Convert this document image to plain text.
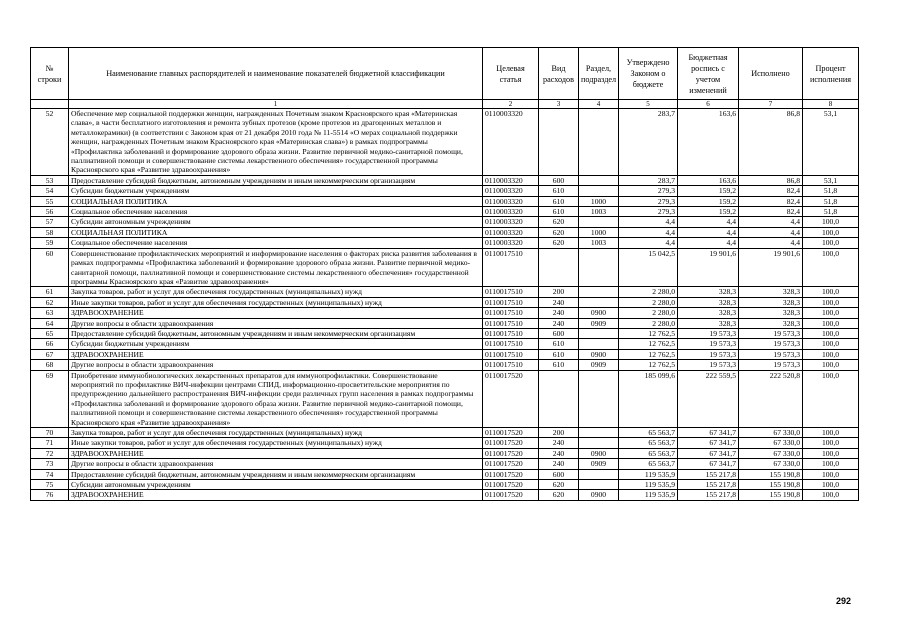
№ строки	Наименование главных распорядителей и наименование показателей бюджетной классификации	Целевая статья	Вид расходов	Раздел, подраздел	Утверждено Законом о бюджете	Бюджетная роспись с учетом изменений	Исполнено	Процент исполнения
	1	2	3	4	5	6	7	8
52	Обеспечение мер социальной поддержки женщин, награжденных Почетным знаком Красноярского края «Материнская слава», в части бесплатного изготовления и ремонта зубных протезов (кроме протезов из драгоценных металлов и металлокерамики) (в соответствии с Законом края от 21 декабря 2010 года № 11-5514 «О мерах социальной поддержки женщин, награжденных Почетным знаком Красноярского края «Материнская слава») в рамках подпрограммы «Профилактика заболеваний и формирование здорового образа жизни. Развитие первичной медико-санитарной помощи, паллиативной помощи и совершенствование системы лекарственного обеспечения» государственной программы Красноярского края «Развитие здравоохранения»	0110003320			283,7	163,6	86,8	53,1
53	Предоставление субсидий бюджетным, автономным учреждениям и иным некоммерческим организациям	0110003320	600		283,7	163,6	86,8	53,1
54	Субсидии бюджетным учреждениям	0110003320	610		279,3	159,2	82,4	51,8
55	СОЦИАЛЬНАЯ ПОЛИТИКА	0110003320	610	1000	279,3	159,2	82,4	51,8
56	Социальное обеспечение населения	0110003320	610	1003	279,3	159,2	82,4	51,8
57	Субсидии автономным учреждениям	0110003320	620		4,4	4,4	4,4	100,0
58	СОЦИАЛЬНАЯ ПОЛИТИКА	0110003320	620	1000	4,4	4,4	4,4	100,0
59	Социальное обеспечение населения	0110003320	620	1003	4,4	4,4	4,4	100,0
60	Совершенствование профилактических мероприятий и информирование населения о факторах риска развития заболевания в рамках подпрограммы «Профилактика заболеваний и формирование здорового образа жизни. Развитие первичной медико-санитарной помощи, паллиативной помощи и совершенствование системы лекарственного обеспечения» государственной программы Красноярского края «Развитие здравоохранения»	0110017510			15 042,5	19 901,6	19 901,6	100,0
61	Закупка товаров, работ и услуг для обеспечения государственных (муниципальных) нужд	0110017510	200		2 280,0	328,3	328,3	100,0
62	Иные закупки товаров, работ и услуг для обеспечения государственных (муниципальных) нужд	0110017510	240		2 280,0	328,3	328,3	100,0
63	ЗДРАВООХРАНЕНИЕ	0110017510	240	0900	2 280,0	328,3	328,3	100,0
64	Другие вопросы в области здравоохранения	0110017510	240	0909	2 280,0	328,3	328,3	100,0
65	Предоставление субсидий бюджетным, автономным учреждениям и иным некоммерческим организациям	0110017510	600		12 762,5	19 573,3	19 573,3	100,0
66	Субсидии бюджетным учреждениям	0110017510	610		12 762,5	19 573,3	19 573,3	100,0
67	ЗДРАВООХРАНЕНИЕ	0110017510	610	0900	12 762,5	19 573,3	19 573,3	100,0
68	Другие вопросы в области здравоохранения	0110017510	610	0909	12 762,5	19 573,3	19 573,3	100,0
69	Приобретение иммунобиологических лекарственных препаратов для иммунопрофилактики. Совершенствование мероприятий по профилактике ВИЧ-инфекции центрами СПИД, информационно-просветительские мероприятия по предупреждению дальнейшего распространения ВИЧ-инфекции среди различных групп населения в рамках подпрограммы «Профилактика заболеваний и формирование здорового образа жизни. Развитие первичной медико-санитарной помощи, паллиативной помощи и совершенствование системы лекарственного обеспечения» государственной программы Красноярского края «Развитие здравоохранения»	0110017520			185 099,6	222 559,5	222 520,8	100,0
70	Закупка товаров, работ и услуг для обеспечения государственных (муниципальных) нужд	0110017520	200		65 563,7	67 341,7	67 330,0	100,0
71	Иные закупки товаров, работ и услуг для обеспечения государственных (муниципальных) нужд	0110017520	240		65 563,7	67 341,7	67 330,0	100,0
72	ЗДРАВООХРАНЕНИЕ	0110017520	240	0900	65 563,7	67 341,7	67 330,0	100,0
73	Другие вопросы в области здравоохранения	0110017520	240	0909	65 563,7	67 341,7	67 330,0	100,0
74	Предоставление субсидий бюджетным, автономным учреждениям и иным некоммерческим организациям	0110017520	600		119 535,9	155 217,8	155 190,8	100,0
75	Субсидии автономным учреждениям	0110017520	620		119 535,9	155 217,8	155 190,8	100,0
76	ЗДРАВООХРАНЕНИЕ	0110017520	620	0900	119 535,9	155 217,8	155 190,8	100,0
292
